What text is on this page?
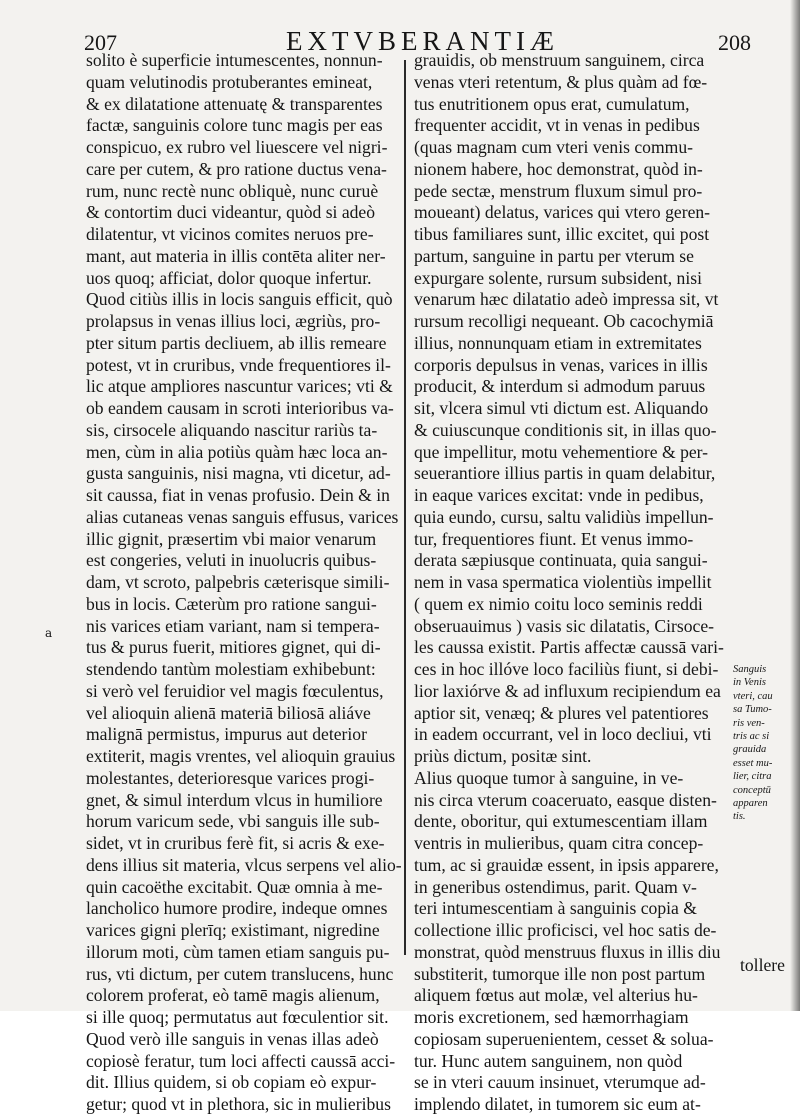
207	EXTVBERANTIÆ	208
solito è superficie intumescentes, nonnun-
quam velutinodis protuberantes emineat,
& ex dilatatione attenuatę & transparentes
factæ, sanguinis colore tunc magis per eas
conspicuo, ex rubro vel liuescere vel nigri-
care per cutem, & pro ratione ductus vena-
rum, nunc rectè nunc obliquè, nunc curuè
& contortim duci videantur, quòd si adeò
dilatentur, vt vicinos comites neruos pre-
mant, aut materia in illis contēta aliter ner-
uos quoq; afficiat, dolor quoque infertur.
Quod citiùs illis in locis sanguis efficit, quò
prolapsus in venas illius loci, ægriùs, pro-
pter situm partis decliuem, ab illis remeare
potest, vt in cruribus, vnde frequentiores il-
lic atque ampliores nascuntur varices; vti &
ob eandem causam in scroti interioribus va-
sis, cirsocele aliquando nascitur rariùs ta-
men, cùm in alia potiùs quàm hæc loca an-
gusta sanguinis, nisi magna, vti dicetur, ad-
sit caussa, fiat in venas profusio. Dein & in
alias cutaneas venas sanguis effusus, varices
illic gignit, præsertim vbi maior venarum
est congeries, veluti in inuolucris quibus-
dam, vt scroto, palpebris cæterisque simili-
bus in locis. Cæterùm pro ratione sangui-
nis varices etiam variant, nam si tempera-
tus & purus fuerit, mitiores gignet, qui di-
stendendo tantùm molestiam exhibebunt:
si verò vel feruidior vel magis fœculentus,
vel alioquin alienā materiā biliosā aliáve
malignā permistus, impurus aut deterior
extiterit, magis vrentes, vel alioquin grauius
molestantes, deterioresque varices progi-
gnet, & simul interdum vlcus in humiliore
horum varicum sede, vbi sanguis ille sub-
sidet, vt in cruribus ferè fit, si acris & exe-
dens illius sit materia, vlcus serpens vel alio-
quin cacoëthe excitabit. Quæ omnia à me-
lancholico humore prodire, indeque omnes
varices gigni plerīq; existimant, nigredine
illorum moti, cùm tamen etiam sanguis pu-
rus, vti dictum, per cutem translucens, hunc
colorem proferat, eò tamē magis alienum,
si ille quoq; permutatus aut fœculentior sit.
Quod verò ille sanguis in venas illas adeò
copiosè feratur, tum loci affecti caussā acci-
dit. Illius quidem, si ob copiam eò expur-
getur; quod vt in plethora, sic in mulieribus
grauidis, ob menstruum sanguinem, circa
venas vteri retentum, & plus quàm ad fœ-
tus enutritionem opus erat, cumulatum,
frequenter accidit, vt in venas in pedibus
(quas magnam cum vteri venis commu-
nionem habere, hoc demonstrat, quòd in-
pede sectæ, menstrum fluxum simul pro-
moueant) delatus, varices qui vtero geren-
tibus familiares sunt, illic excitet, qui post
partum, sanguine in partu per vterum se
expurgare solente, rursum subsident, nisi
venarum hæc dilatatio adeò impressa sit, vt
rursum recolligi nequeant. Ob cacochymiā
illius, nonnunquam etiam in extremitates
corporis depulsus in venas, varices in illis
producit, & interdum si admodum paruus
sit, vlcera simul vti dictum est. Aliquando
& cuiuscunque conditionis sit, in illas quo-
que impellitur, motu vehementiore & per-
seuerantiore illius partis in quam delabitur,
in eaque varices excitat: vnde in pedibus,
quia eundo, cursu, saltu validiùs impellun-
tur, frequentiores fiunt. Et venus immo-
derata sæpiusque continuata, quia sangui-
nem in vasa spermatica violentiùs impellit
( quem ex nimio coitu loco seminis reddi
obseruauimus ) vasis sic dilatatis, Cirsoce-
les caussa existit. Partis affectæ caussā vari-
ces in hoc illóve loco faciliùs fiunt, si debi-
lior laxiórve & ad influxum recipiendum ea
aptior sit, venæq; & plures vel patentiores
in eadem occurrant, vel in loco decliui, vti
priùs dictum, positæ sint.
Alius quoque tumor à sanguine, in ve-
nis circa vterum coaceruato, easque disten-
dente, oboritur, qui extumescentiam illam
ventris in mulieribus, quam citra concep-
tum, ac si grauidæ essent, in ipsis apparere,
in generibus ostendimus, parit. Quam v-
teri intumescentiam à sanguinis copia &
collectione illic proficisci, vel hoc satis de-
monstrat, quòd menstruus fluxus in illis diu
substiterit, tumorque ille non post partum
aliquem fœtus aut molæ, vel alterius hu-
moris excretionem, sed hæmorrhagiam
copiosam superuenientem, cesset & solua-
tur. Hunc autem sanguinem, non quòd
se in vteri cauum insinuet, vterumque ad-
implendo dilatet, in tumorem sic eum at-
Sanguis
in Venis
vteri, cau
sa Tumo-
ris ven-
tris ac si
grauida
esset mu-
lier, citra
conceptū
apparen
tis.
a
tollere
